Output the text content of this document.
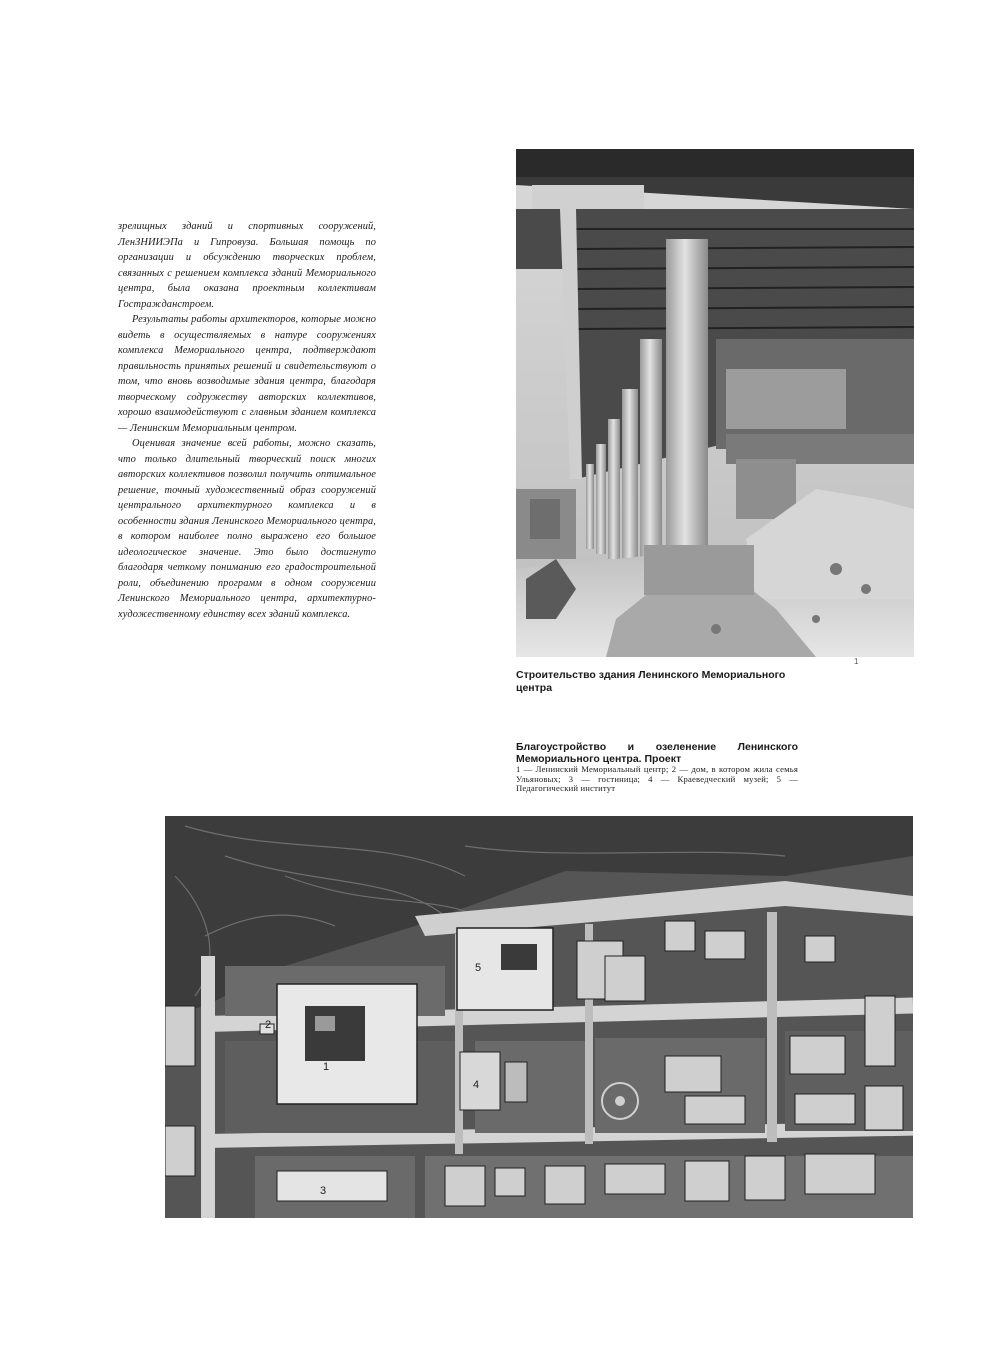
зрелищных зданий и спортивных сооружений, ЛенЗНИИЭПа и Гипровуза. Большая помощь по организации и обсуждению творческих проблем, связанных с решением комплекса зданий Мемориального центра, была оказана проектным коллективам Гостражданстроем.

Результаты работы архитекторов, которые можно видеть в осуществляемых в натуре сооружениях комплекса Мемориального центра, подтверждают правильность принятых решений и свидетельствуют о том, что вновь возводимые здания центра, благодаря творческому содружеству авторских коллективов, хорошо взаимодействуют с главным зданием комплекса — Ленинским Мемориальным центром.

Оценивая значение всей работы, можно сказать, что только длительный творческий поиск многих авторских коллективов позволил получить оптимальное решение, точный художественный образ сооружений центрального архитектурного комплекса и в особенности здания Ленинского Мемориального центра, в котором наиболее полно выражено его большое идеологическое значение. Это было достигнуто благодаря четкому пониманию его градостроительной роли, объединению программ в одном сооружении Ленинского Мемориального центра, архитектурно-художественному единству всех зданий комплекса.

1
Строительство здания Ленинского Мемориального центра
Благоустройство и озеленение Ленинского Мемориального центра. Проект
1 — Ленинский Мемориальный центр; 2 — дом, в котором жила семья Ульяновых; 3 — гостиница; 4 — Краеведческий музей; 5 — Педагогический институт
1
2
3
4
5
